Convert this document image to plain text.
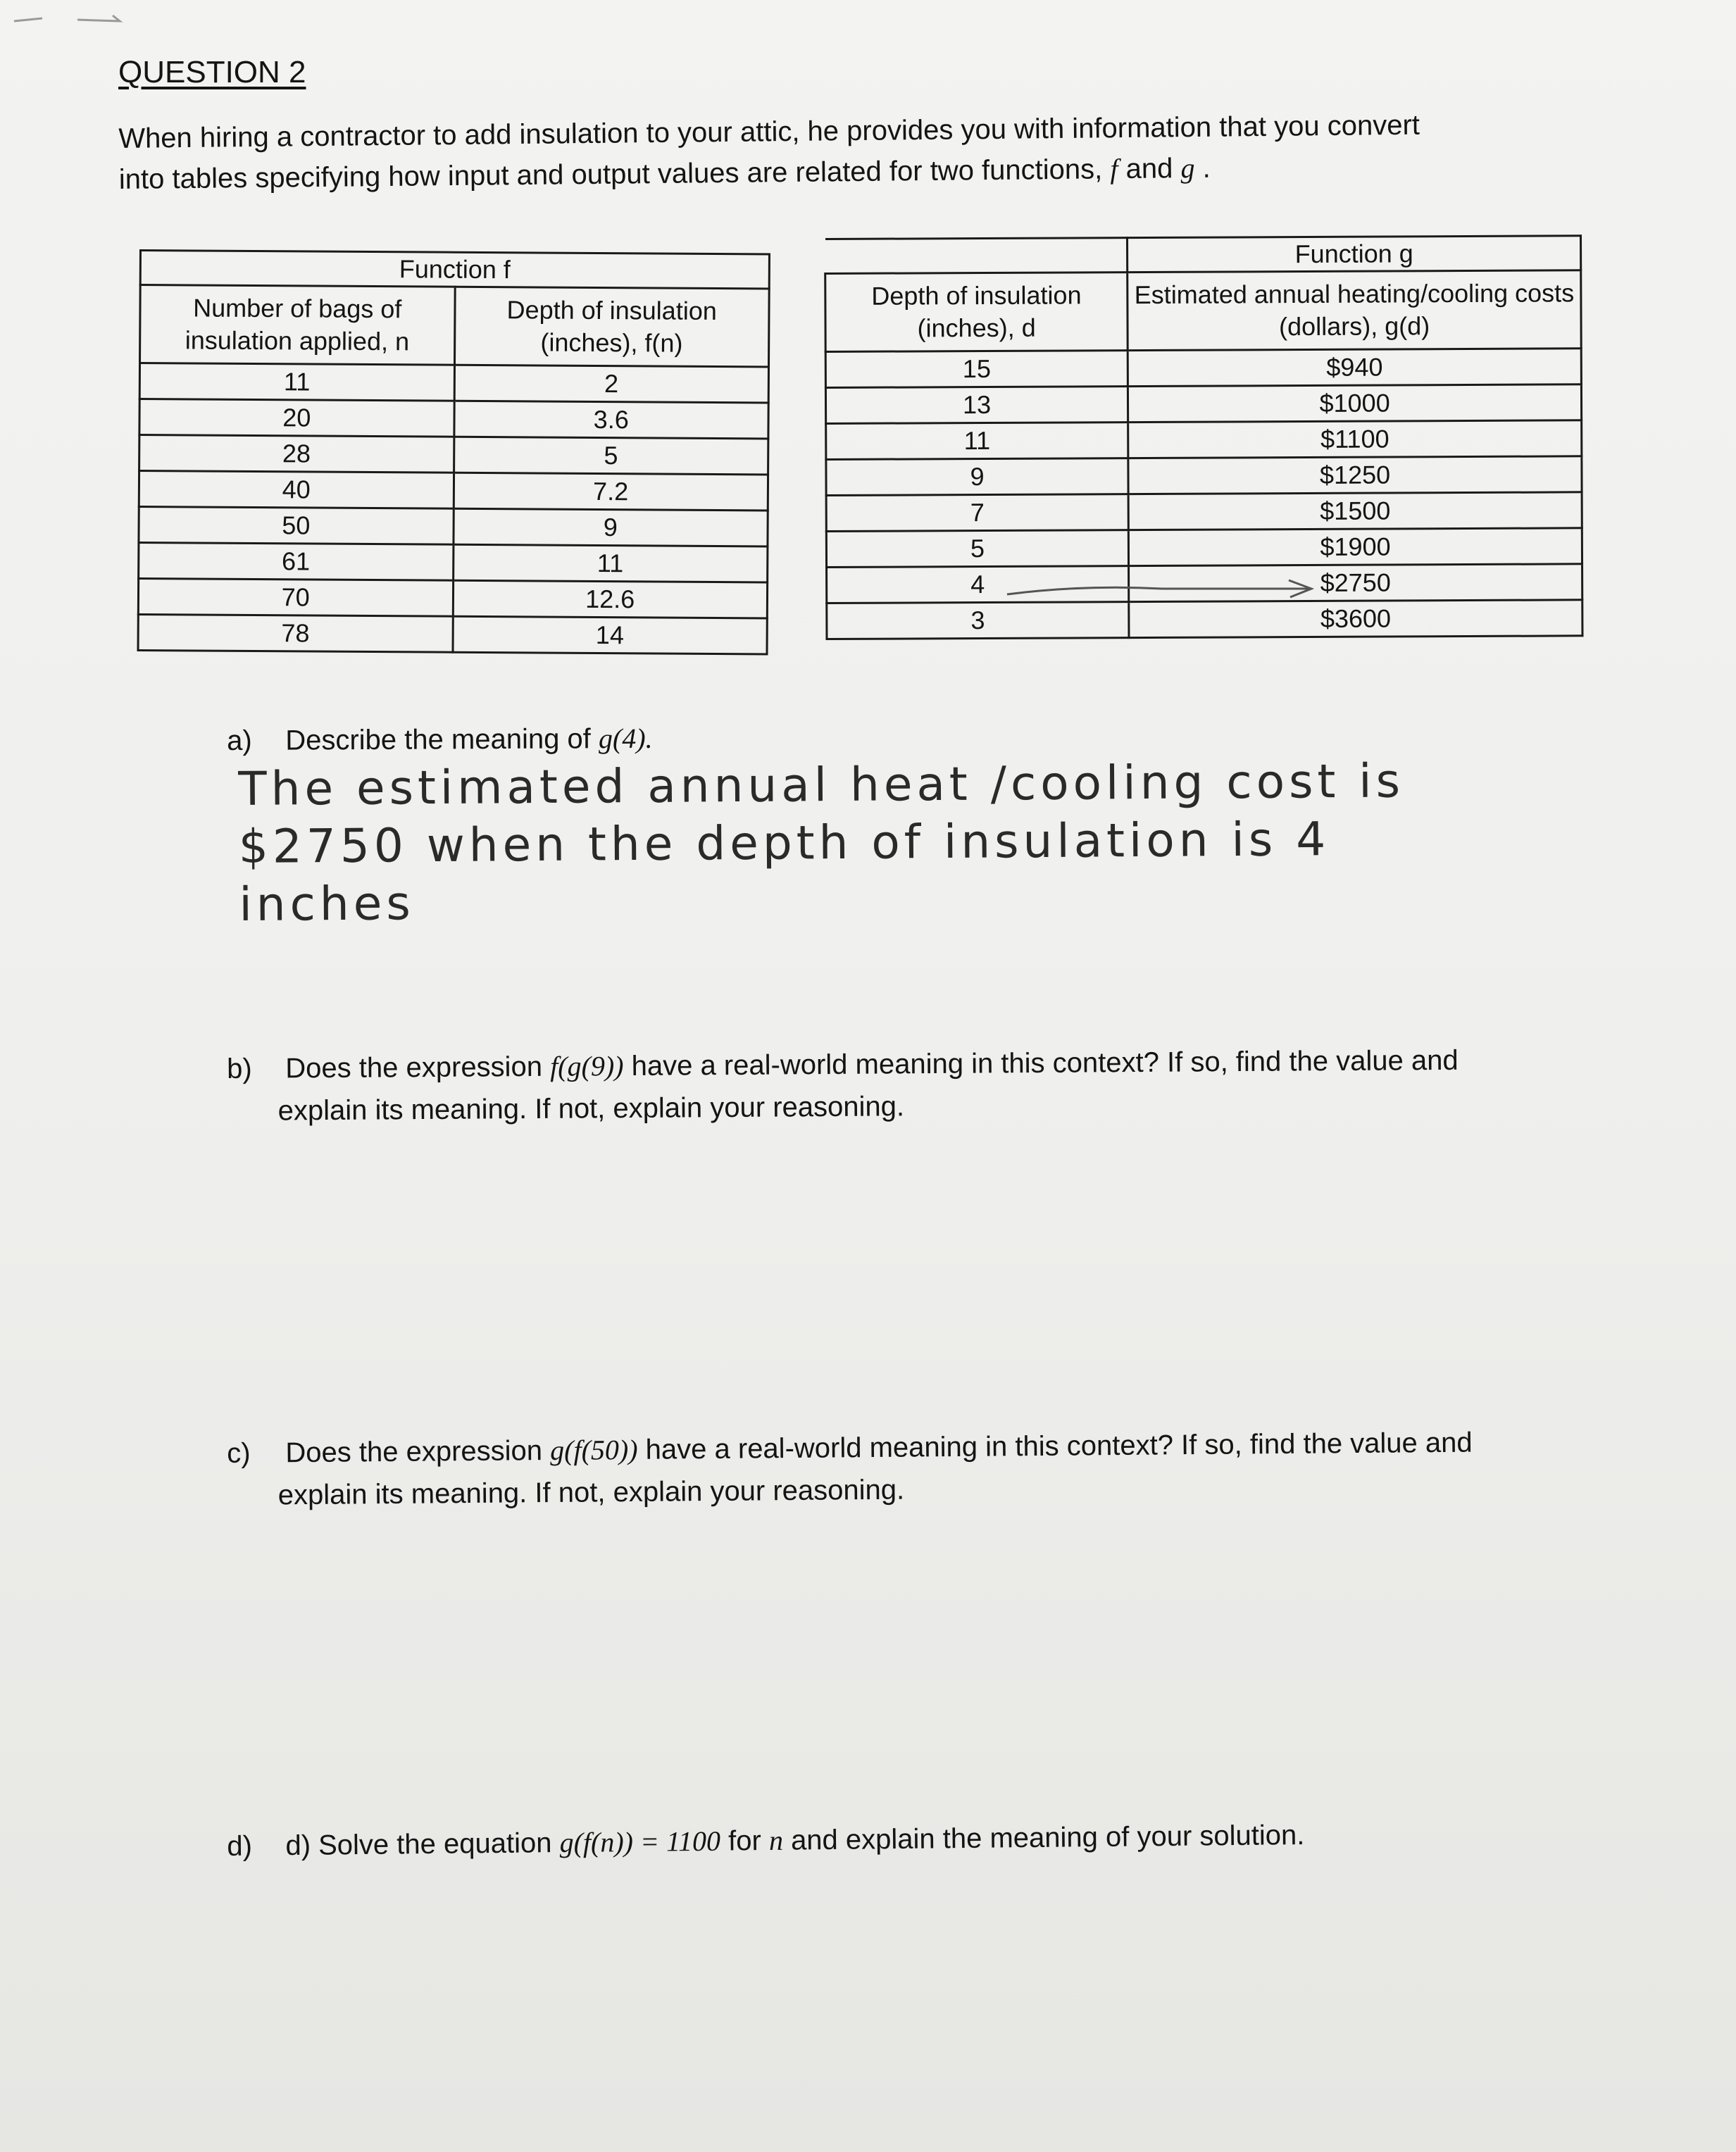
QUESTION 2
When hiring a contractor to add insulation to your attic, he provides you with information that you convert
into tables specifying how input and output values are related for two functions, f and g .
Function f	
Number of bags of insulation applied, n	Depth of insulation (inches), f(n)
11	2
20	3.6
28	5
40	7.2
50	9
61	11
70	12.6
78	14
	Function g
Depth of insulation (inches), d	Estimated annual heating/cooling costs (dollars), g(d)
15	$940
13	$1000
11	$1100
9	$1250
7	$1500
5	$1900
4	$2750
3	$3600
a) Describe the meaning of g(4).
The estimated annual heat /cooling cost is
$2750 when the depth of insulation is 4
inches
b) Does the expression f(g(9)) have a real-world meaning in this context? If so, find the value and
explain its meaning. If not, explain your reasoning.
c) Does the expression g(f(50)) have a real-world meaning in this context? If so, find the value and
explain its meaning. If not, explain your reasoning.
d) d) Solve the equation g(f(n)) = 1100 for n and explain the meaning of your solution.
